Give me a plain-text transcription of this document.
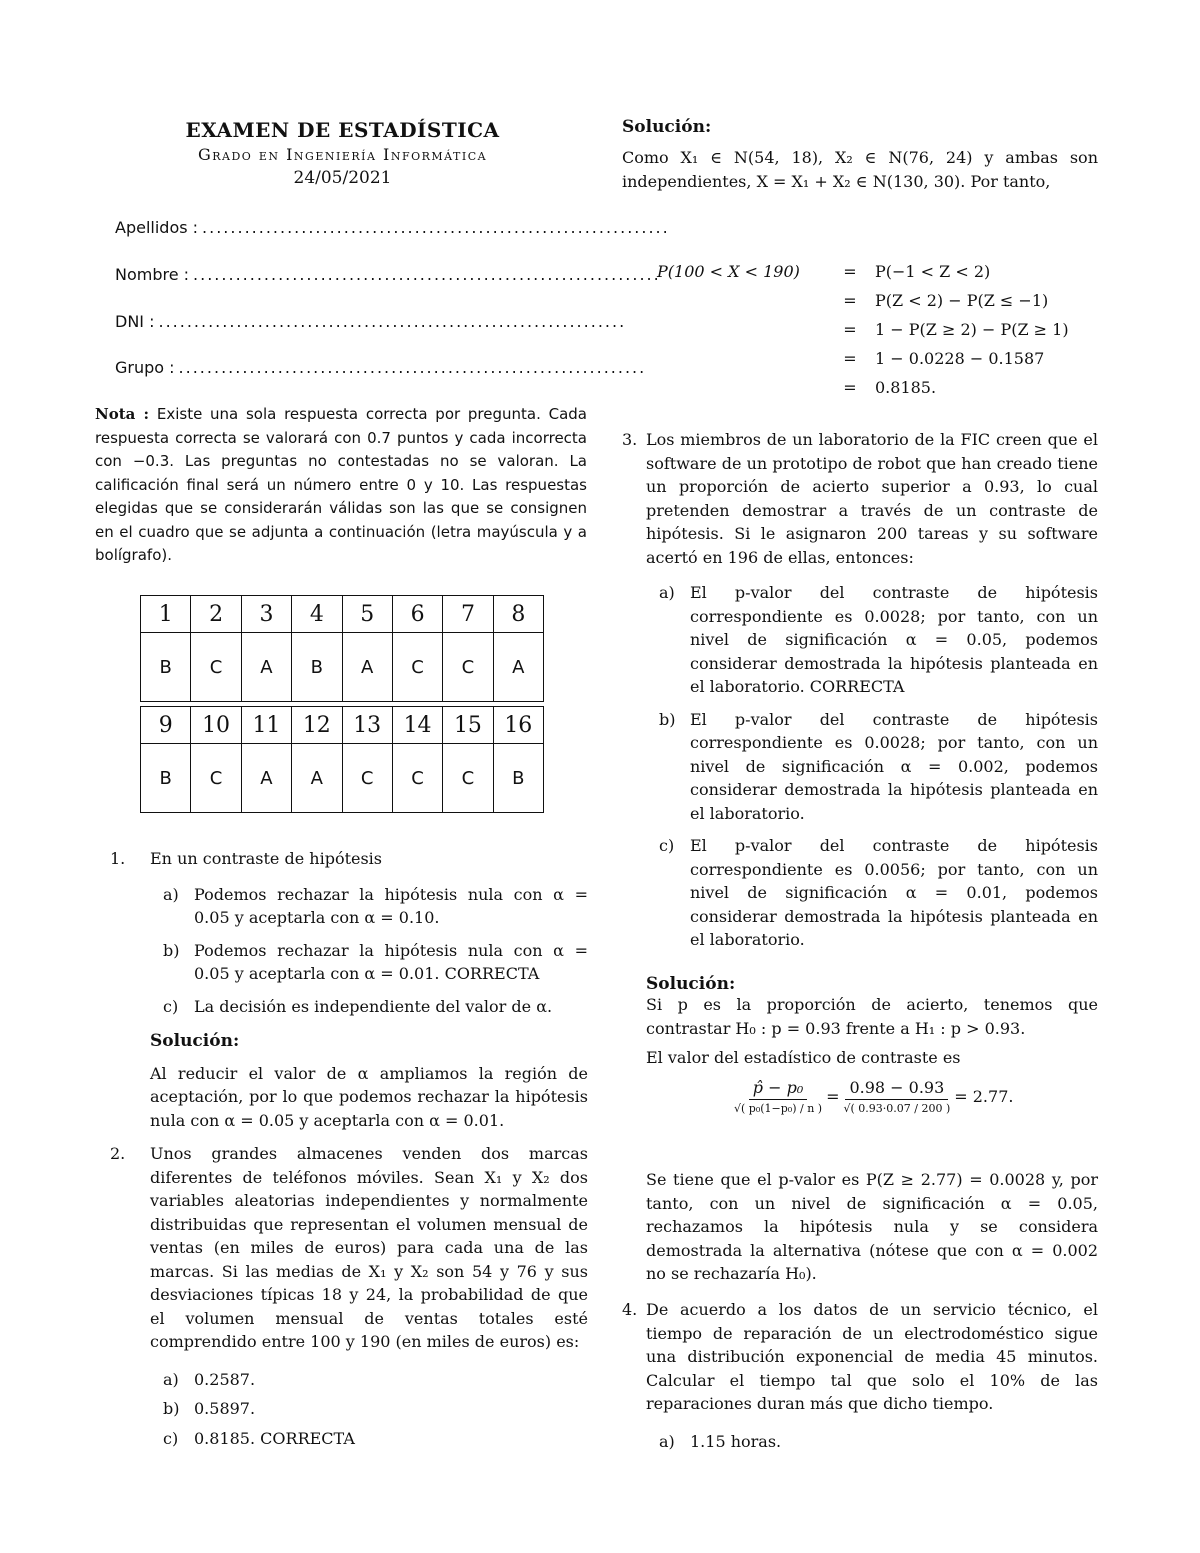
EXAMEN DE ESTADÍSTICA
Grado en Ingeniería Informática
24/05/2021
Apellidos : ..................................................................
Nombre : ..................................................................
DNI : ..................................................................
Grupo : ..................................................................
Nota : Existe una sola respuesta correcta por pregunta. Cada respuesta correcta se valorará con 0.7 puntos y cada incorrecta con −0.3. Las preguntas no contestadas no se valoran. La calificación final será un número entre 0 y 10. Las respuestas elegidas que se considerarán válidas son las que se consignen en el cuadro que se adjunta a continuación (letra mayúscula y a bolígrafo).
1	2	3	4	5	6	7	8
B	C	A	B	A	C	C	A
9	10	11	12	13	14	15	16
B	C	A	A	C	C	C	B
1. En un contraste de hipótesis
a) Podemos rechazar la hipótesis nula con α = 0.05 y aceptarla con α = 0.10.
b) Podemos rechazar la hipótesis nula con α = 0.05 y aceptarla con α = 0.01. CORRECTA
c) La decisión es independiente del valor de α.
Solución:
Al reducir el valor de α ampliamos la región de aceptación, por lo que podemos rechazar la hipótesis nula con α = 0.05 y aceptarla con α = 0.01.
2. Unos grandes almacenes venden dos marcas diferentes de teléfonos móviles. Sean X₁ y X₂ dos variables aleatorias independientes y normalmente distribuidas que representan el volumen mensual de ventas (en miles de euros) para cada una de las marcas. Si las medias de X₁ y X₂ son 54 y 76 y sus desviaciones típicas 18 y 24, la probabilidad de que el volumen mensual de ventas totales esté comprendido entre 100 y 190 (en miles de euros) es:
a) 0.2587.
b) 0.5897.
c) 0.8185. CORRECTA
Solución:
Como X₁ ∈ N(54, 18), X₂ ∈ N(76, 24) y ambas son independientes, X = X₁ + X₂ ∈ N(130, 30). Por tanto,
P(100 < X < 190)	=	P(−1 < Z < 2)
=	P(Z < 2) − P(Z ≤ −1)
=	1 − P(Z ≥ 2) − P(Z ≥ 1)
=	1 − 0.0228 − 0.1587
=	0.8185.
3. Los miembros de un laboratorio de la FIC creen que el software de un prototipo de robot que han creado tiene un proporción de acierto superior a 0.93, lo cual pretenden demostrar a través de un contraste de hipótesis. Si le asignaron 200 tareas y su software acertó en 196 de ellas, entonces:
a) El p-valor del contraste de hipótesis correspondiente es 0.0028; por tanto, con un nivel de significación α = 0.05, podemos considerar demostrada la hipótesis planteada en el laboratorio. CORRECTA
b) El p-valor del contraste de hipótesis correspondiente es 0.0028; por tanto, con un nivel de significación α = 0.002, podemos considerar demostrada la hipótesis planteada en el laboratorio.
c) El p-valor del contraste de hipótesis correspondiente es 0.0056; por tanto, con un nivel de significación α = 0.01, podemos considerar demostrada la hipótesis planteada en el laboratorio.
Solución:
Si p es la proporción de acierto, tenemos que contrastar H₀ : p = 0.93 frente a H₁ : p > 0.93.
El valor del estadístico de contraste es
$\frac{\text{p̂ − p₀}}{\text{√( p₀(1−p₀) / n )}} = \frac{0.98 - 0.93}{√( 0.93\cdot 0.07 / 200 )} = 2.77$.
Se tiene que el p-valor es P(Z ≥ 2.77) = 0.0028 y, por tanto, con un nivel de significación α = 0.05, rechazamos la hipótesis nula y se considera demostrada la alternativa (nótese que con α = 0.002 no se rechazaría H₀).
4. De acuerdo a los datos de un servicio técnico, el tiempo de reparación de un electrodoméstico sigue una distribución exponencial de media 45 minutos. Calcular el tiempo tal que solo el 10% de las reparaciones duran más que dicho tiempo.
a) 1.15 horas.
